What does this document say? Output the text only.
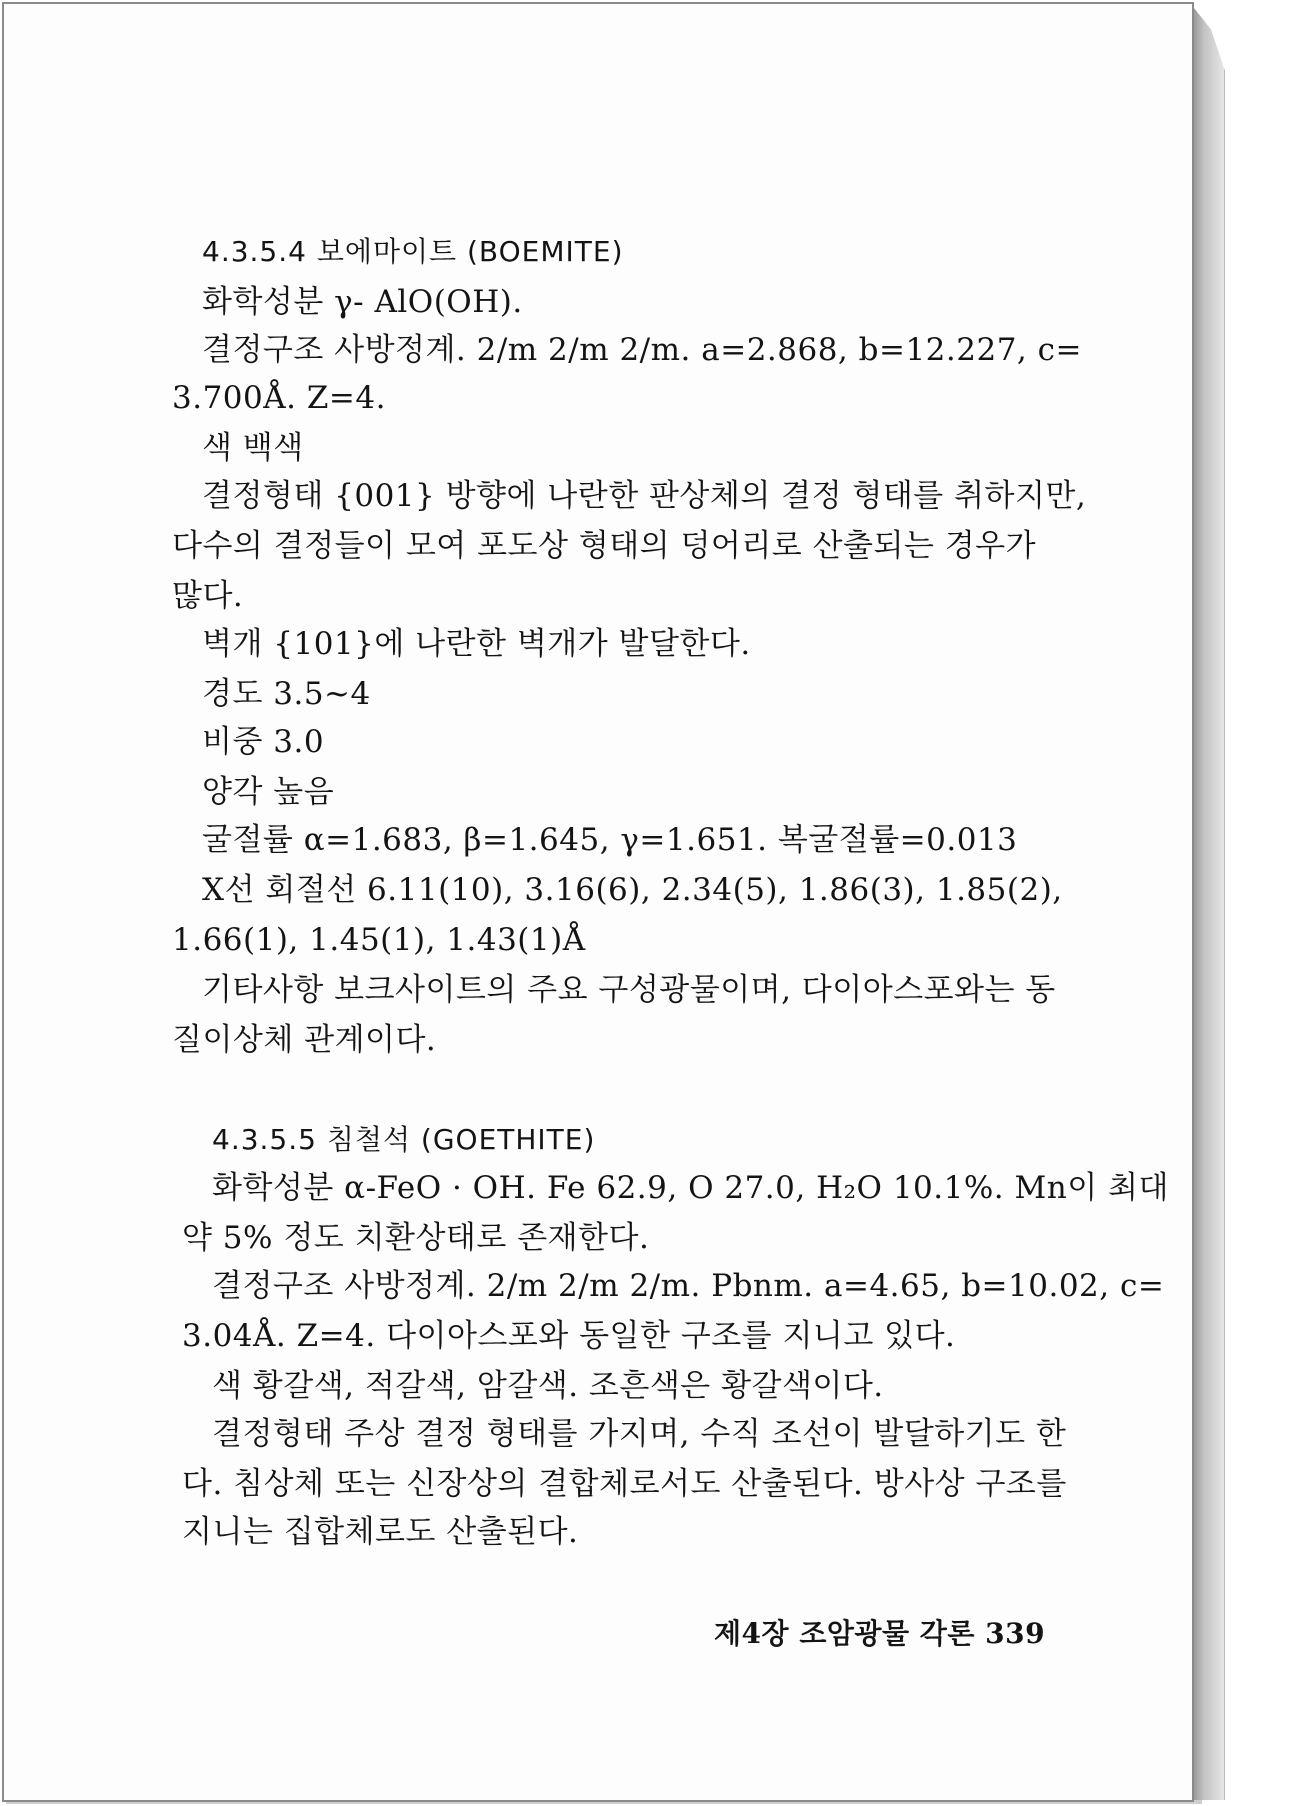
4.3.5.4 보에마이트 (BOEMITE)
화학성분 γ- AlO(OH).
결정구조 사방정계. 2/m 2/m 2/m. a=2.868, b=12.227, c=
3.700Å. Z=4.
색 백색
결정형태 {001} 방향에 나란한 판상체의 결정 형태를 취하지만,
다수의 결정들이 모여 포도상 형태의 덩어리로 산출되는 경우가
많다.
벽개 {101}에 나란한 벽개가 발달한다.
경도 3.5~4
비중 3.0
양각 높음
굴절률 α=1.683, β=1.645, γ=1.651. 복굴절률=0.013
X선 회절선 6.11(10), 3.16(6), 2.34(5), 1.86(3), 1.85(2),
1.66(1), 1.45(1), 1.43(1)Å
기타사항 보크사이트의 주요 구성광물이며, 다이아스포와는 동
질이상체 관계이다.
4.3.5.5 침철석 (GOETHITE)
화학성분 α-FeO · OH. Fe 62.9, O 27.0, H₂O 10.1%. Mn이 최대
약 5% 정도 치환상태로 존재한다.
결정구조 사방정계. 2/m 2/m 2/m. Pbnm. a=4.65, b=10.02, c=
3.04Å. Z=4. 다이아스포와 동일한 구조를 지니고 있다.
색 황갈색, 적갈색, 암갈색. 조흔색은 황갈색이다.
결정형태 주상 결정 형태를 가지며, 수직 조선이 발달하기도 한
다. 침상체 또는 신장상의 결합체로서도 산출된다. 방사상 구조를
지니는 집합체로도 산출된다.
제4장 조암광물 각론 339
